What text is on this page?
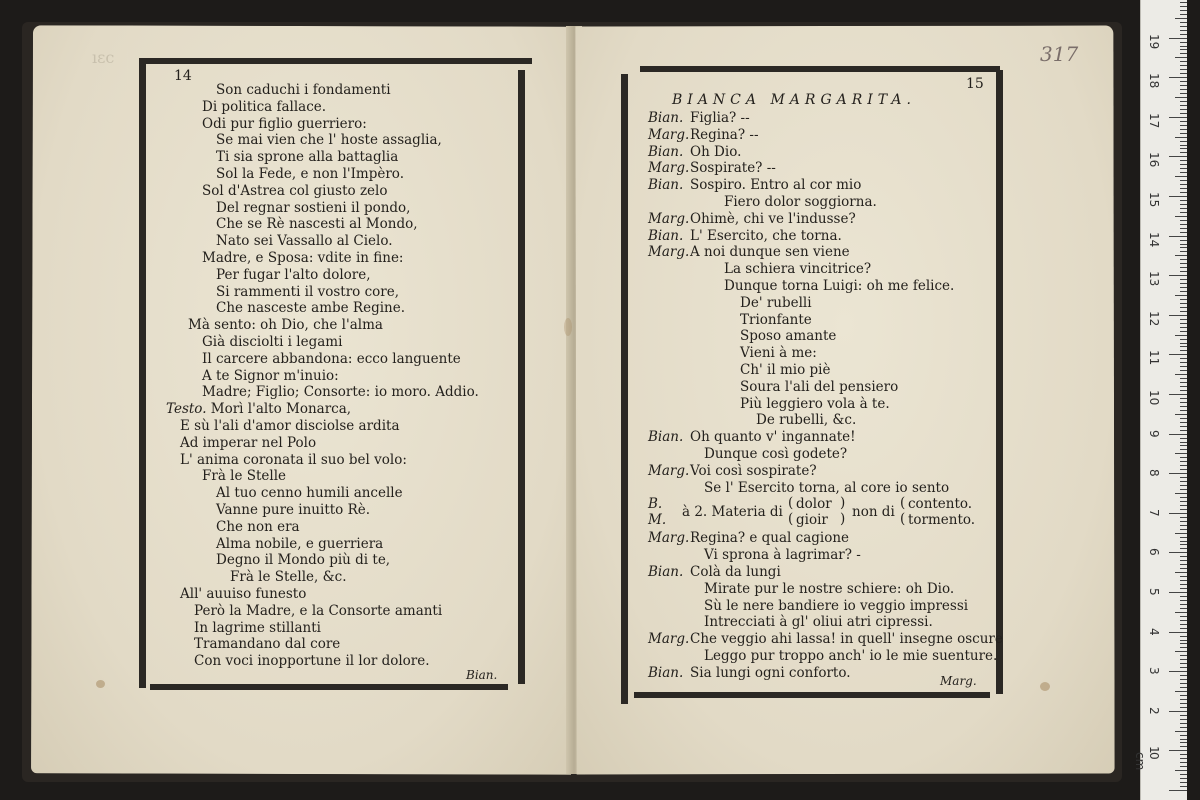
ıɛc	317
14
Son caduchi i fondamenti
Di politica fallace.
Odi pur figlio guerriero:
Se mai vien che l' hoste assaglia,
Ti sia sprone alla battaglia
Sol la Fede, e non l'Impèro.
Sol d'Astrea col giusto zelo
Del regnar sostieni il pondo,
Che se Rè nascesti al Mondo,
Nato sei Vassallo al Cielo.
Madre, e Sposa: vdite in fine:
Per fugar l'alto dolore,
Si rammenti il vostro core,
Che nasceste ambe Regine.
Mà sento: oh Dio, che l'alma
Già disciolti i legami
Il carcere abbandona: ecco languente
A te Signor m'inuio:
Madre; Figlio; Consorte: io moro. Addio.
Testo. Morì l'alto Monarca,
E sù l'ali d'amor disciolse ardita
Ad imperar nel Polo
L' anima coronata il suo bel volo:
Frà le Stelle
Al tuo cenno humili ancelle
Vanne pure inuitto Rè.
Che non era
Alma nobile, e guerriera
Degno il Mondo più di te,
Frà le Stelle, &c.
All' auuiso funesto
Però la Madre, e la Consorte amanti
In lagrime stillanti
Tramandano dal core
Con voci inopportune il lor dolore.
Bian.
15
BIANCA MARGARITA.
Bian. Figlia? --
Marg.Regina? --
Bian. Oh Dio.
Marg.Sospirate? --
Bian. Sospiro. Entro al cor mio
Fiero dolor soggiorna.
Marg.Ohimè, chi ve l'indusse?
Bian. L' Esercito, che torna.
Marg.A noi dunque sen viene
La schiera vincitrice?
Dunque torna Luigi: oh me felice.
De' rubelli
Trionfante
Sposo amante
Vieni à me:
Ch' il mio piè
Soura l'ali del pensiero
Più leggiero vola à te.
De rubelli, &c.
Bian. Oh quanto v' ingannate!
Dunque così godete?
Marg.Voi così sospirate?
Se l' Esercito torna, al core io sento
B.
M. à 2. Materia di
( dolor )
( gioir ) non di
( contento.
( tormento.
Marg.Regina? e qual cagione
Vi sprona à lagrimar? -
Bian. Colà da lungi
Mirate pur le nostre schiere: oh Dio.
Sù le nere bandiere io veggio impressi
Intrecciati à gl' oliui atri cipressi.
Marg.Che veggio ahi lassa! in quell' insegne oscure
Leggo pur troppo anch' io le mie suenture.
Bian. Sia lungi ogni conforto.
Marg.
0 cm
1
2
3
4
5
6
7
8
9
10
11
12
13
14
15
16
17
18
19
